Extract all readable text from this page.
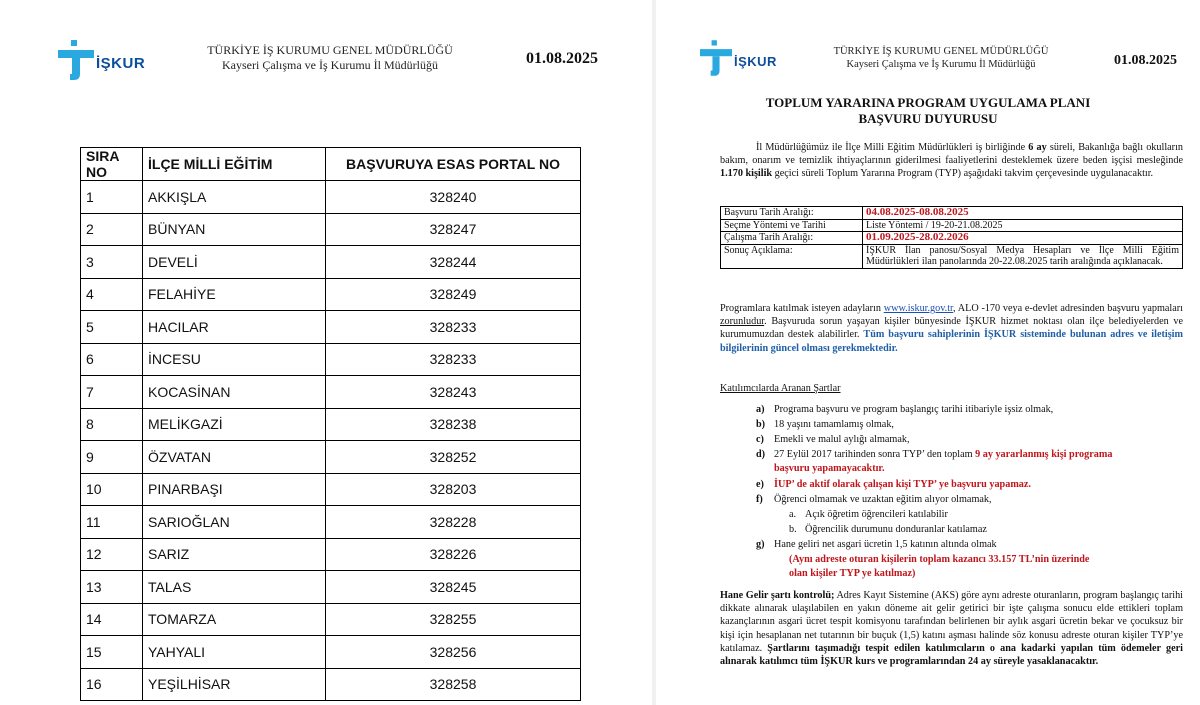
İŞKUR
TÜRKİYE İŞ KURUMU GENEL MÜDÜRLÜĞÜ
Kayseri Çalışma ve İş Kurumu İl Müdürlüğü	01.08.2025
SIRA NO	İLÇE MİLLİ EĞİTİM	BAŞVURUYA ESAS PORTAL NO
1	AKKIŞLA	328240
2	BÜNYAN	328247
3	DEVELİ	328244
4	FELAHİYE	328249
5	HACILAR	328233
6	İNCESU	328233
7	KOCASİNAN	328243
8	MELİKGAZİ	328238
9	ÖZVATAN	328252
10	PINARBAŞI	328203
11	SARIOĞLAN	328228
12	SARIZ	328226
13	TALAS	328245
14	TOMARZA	328255
15	YAHYALI	328256
16	YEŞİLHİSAR	328258
İŞKUR
TÜRKİYE İŞ KURUMU GENEL MÜDÜRLÜĞÜ
Kayseri Çalışma ve İş Kurumu İl Müdürlüğü	01.08.2025
TOPLUM YARARINA PROGRAM UYGULAMA PLANI
BAŞVURU DUYURUSU
İl Müdürlüğümüz ile İlçe Milli Eğitim Müdürlükleri iş birliğinde 6 ay süreli, Bakanlığa bağlı okulların bakım, onarım ve temizlik ihtiyaçlarının giderilmesi faaliyetlerini desteklemek üzere beden işçisi mesleğinde 1.170 kişilik geçici süreli Toplum Yararına Program (TYP) aşağıdaki takvim çerçevesinde uygulanacaktır.
Başvuru Tarih Aralığı:	04.08.2025-08.08.2025
Seçme Yöntemi ve Tarihi	Liste Yöntemi / 19-20-21.08.2025
Çalışma Tarih Aralığı:	01.09.2025-28.02.2026
Sonuç Açıklama:	İŞKUR İlan panosu/Sosyal Medya Hesapları ve İlçe Milli Eğitim Müdürlükleri ilan panolarında 20-22.08.2025 tarih aralığında açıklanacak.
Programlara katılmak isteyen adayların www.iskur.gov.tr, ALO -170 veya e-devlet adresinden başvuru yapmaları zorunludur. Başvuruda sorun yaşayan kişiler bünyesinde İŞKUR hizmet noktası olan ilçe belediyelerden ve kurumumuzdan destek alabilirler. Tüm başvuru sahiplerinin İŞKUR sisteminde bulunan adres ve iletişim bilgilerinin güncel olması gerekmektedir.
Katılımcılarda Aranan Şartlar
a) Programa başvuru ve program başlangıç tarihi itibariyle işsiz olmak,
b) 18 yaşını tamamlamış olmak,
c) Emekli ve malul aylığı almamak,
d) 27 Eylül 2017 tarihinden sonra TYP’ den toplam 9 ay yararlanmış kişi programa
başvuru yapamayacaktır.
e) İUP’ de aktif olarak çalışan kişi TYP’ ye başvuru yapamaz.
f) Öğrenci olmamak ve uzaktan eğitim alıyor olmamak,
a. Açık öğretim öğrencileri katılabilir
b. Öğrencilik durumunu donduranlar katılamaz
g) Hane geliri net asgari ücretin 1,5 katının altında olmak
(Aynı adreste oturan kişilerin toplam kazancı 33.157 TL’nin üzerinde
olan kişiler TYP ye katılmaz)
Hane Gelir şartı kontrolü; Adres Kayıt Sistemine (AKS) göre aynı adreste oturanların, program başlangıç tarihi dikkate alınarak ulaşılabilen en yakın döneme ait gelir getirici bir işte çalışma sonucu elde ettikleri toplam kazançlarının asgari ücret tespit komisyonu tarafından belirlenen bir aylık asgari ücretin bekar ve çocuksuz bir kişi için hesaplanan net tutarının bir buçuk (1,5) katını aşması halinde söz konusu adreste oturan kişiler TYP’ye katılamaz. Şartlarını taşımadığı tespit edilen katılımcıların o ana kadarki yapılan tüm ödemeler geri alınarak katılımcı tüm İŞKUR kurs ve programlarından 24 ay süreyle yasaklanacaktır.
